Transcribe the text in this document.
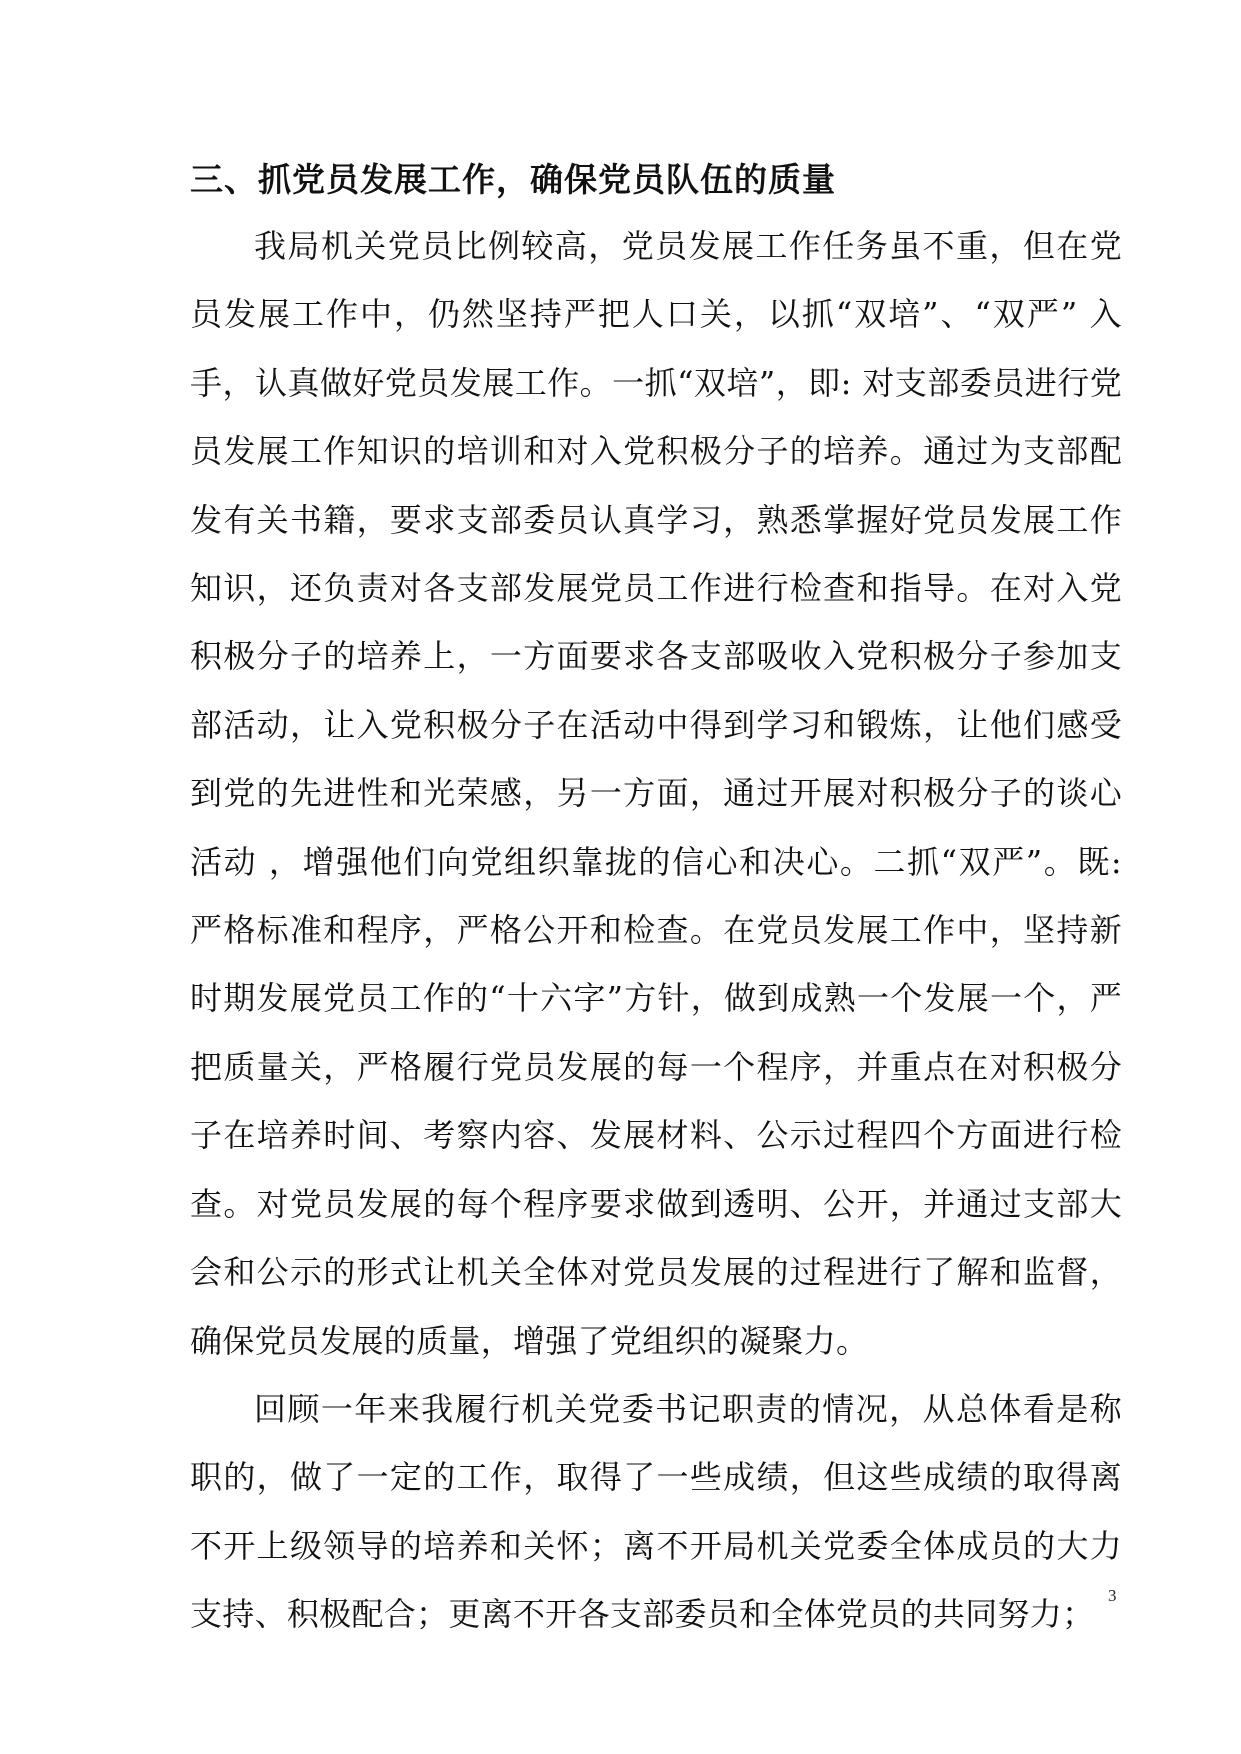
三、抓党员发展工作，确保党员队伍的质量

我局机关党员比例较高，党员发展工作任务虽不重，但在党员发展工作中，仍然坚持严把人口关，以抓“双培”、“双严” 入手，认真做好党员发展工作。一抓“双培”，即: 对支部委员进行党员发展工作知识的培训和对入党积极分子的培养。通过为支部配发有关书籍，要求支部委员认真学习，熟悉掌握好党员发展工作知识，还负责对各支部发展党员工作进行检查和指导。在对入党积极分子的培养上，一方面要求各支部吸收入党积极分子参加支部活动，让入党积极分子在活动中得到学习和锻炼，让他们感受到党的先进性和光荣感，另一方面，通过开展对积极分子的谈心活动 ，增强他们向党组织靠拢的信心和决心。二抓“双严”。既: 严格标准和程序，严格公开和检查。在党员发展工作中，坚持新时期发展党员工作的“十六字”方针，做到成熟一个发展一个，严把质量关，严格履行党员发展的每一个程序，并重点在对积极分子在培养时间、考察内容、发展材料、公示过程四个方面进行检查。对党员发展的每个程序要求做到透明、公开，并通过支部大会和公示的形式让机关全体对党员发展的过程进行了解和监督，确保党员发展的质量，增强了党组织的凝聚力。

回顾一年来我履行机关党委书记职责的情况，从总体看是称职的，做了一定的工作，取得了一些成绩，但这些成绩的取得离不开上级领导的培养和关怀；离不开局机关党委全体成员的大力支持、积极配合；更离不开各支部委员和全体党员的共同努力； 3
